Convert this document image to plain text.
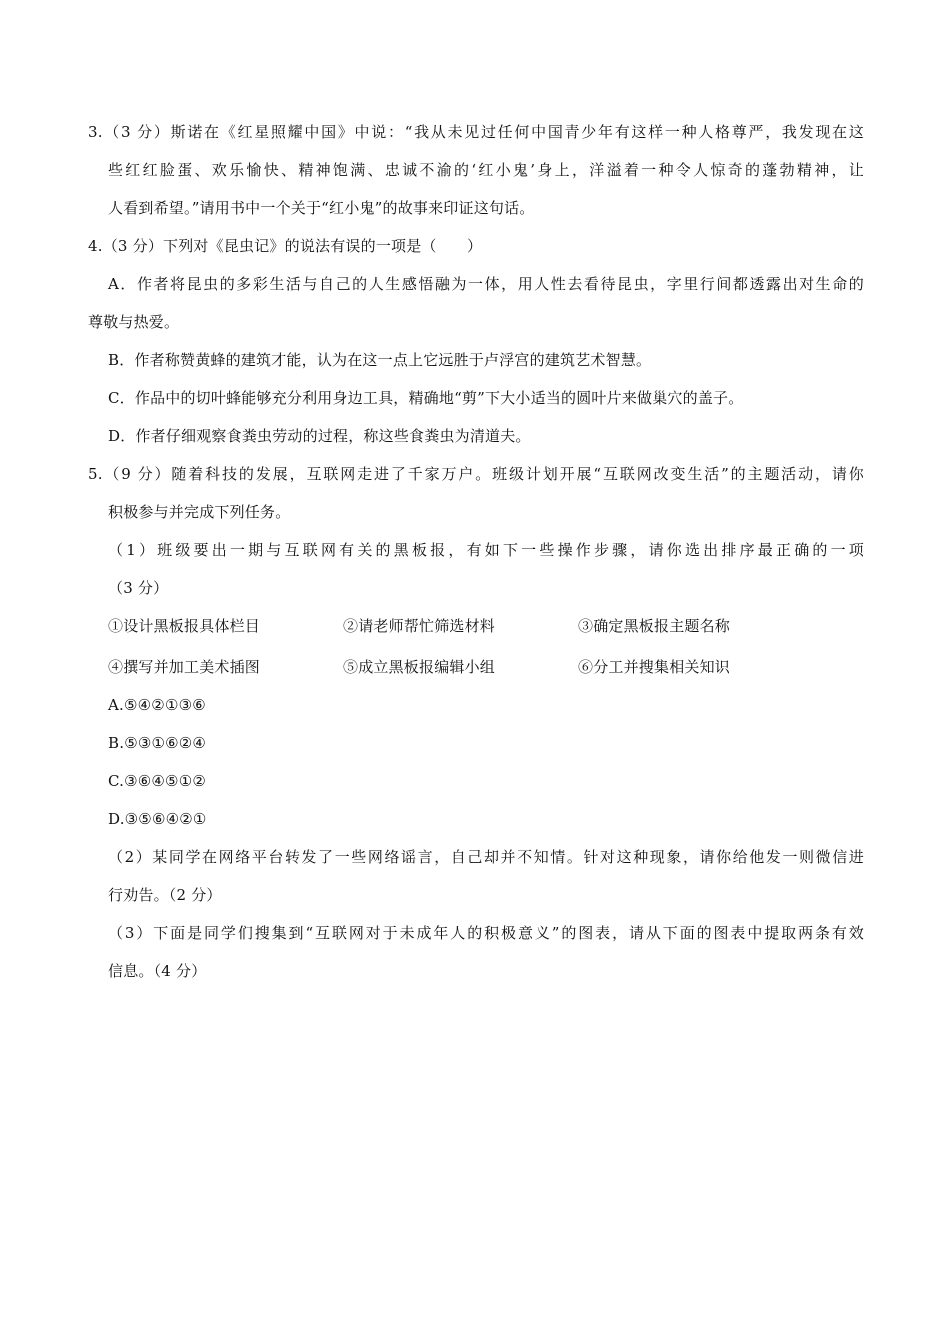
3.（3 分）斯诺在《红星照耀中国》中说：“我从未见过任何中国青少年有这样一种人格尊严，我发现在这
些红红脸蛋、欢乐愉快、精神饱满、忠诚不渝的‘红小鬼’身上，洋溢着一种令人惊奇的蓬勃精神，让
人看到希望。”请用书中一个关于“红小鬼”的故事来印证这句话。
4.（3 分）下列对《昆虫记》的说法有误的一项是（　　）
A．作者将昆虫的多彩生活与自己的人生感悟融为一体，用人性去看待昆虫，字里行间都透露出对生命的
尊敬与热爱。
B．作者称赞黄蜂的建筑才能，认为在这一点上它远胜于卢浮宫的建筑艺术智慧。
C．作品中的切叶蜂能够充分利用身边工具，精确地“剪”下大小适当的圆叶片来做巢穴的盖子。
D．作者仔细观察食粪虫劳动的过程，称这些食粪虫为清道夫。
5.（9 分）随着科技的发展，互联网走进了千家万户。班级计划开展“互联网改变生活”的主题活动，请你
积极参与并完成下列任务。
（1）班级要出一期与互联网有关的黑板报，有如下一些操作步骤，请你选出排序最正确的一项
（3 分）
①设计黑板报具体栏目	②请老师帮忙筛选材料	③确定黑板报主题名称
④撰写并加工美术插图	⑤成立黑板报编辑小组	⑥分工并搜集相关知识
A.⑤④②①③⑥
B.⑤③①⑥②④
C.③⑥④⑤①②
D.③⑤⑥④②①
（2）某同学在网络平台转发了一些网络谣言，自己却并不知情。针对这种现象，请你给他发一则微信进
行劝告。（2 分）
（3）下面是同学们搜集到“互联网对于未成年人的积极意义”的图表，请从下面的图表中提取两条有效
信息。（4 分）
